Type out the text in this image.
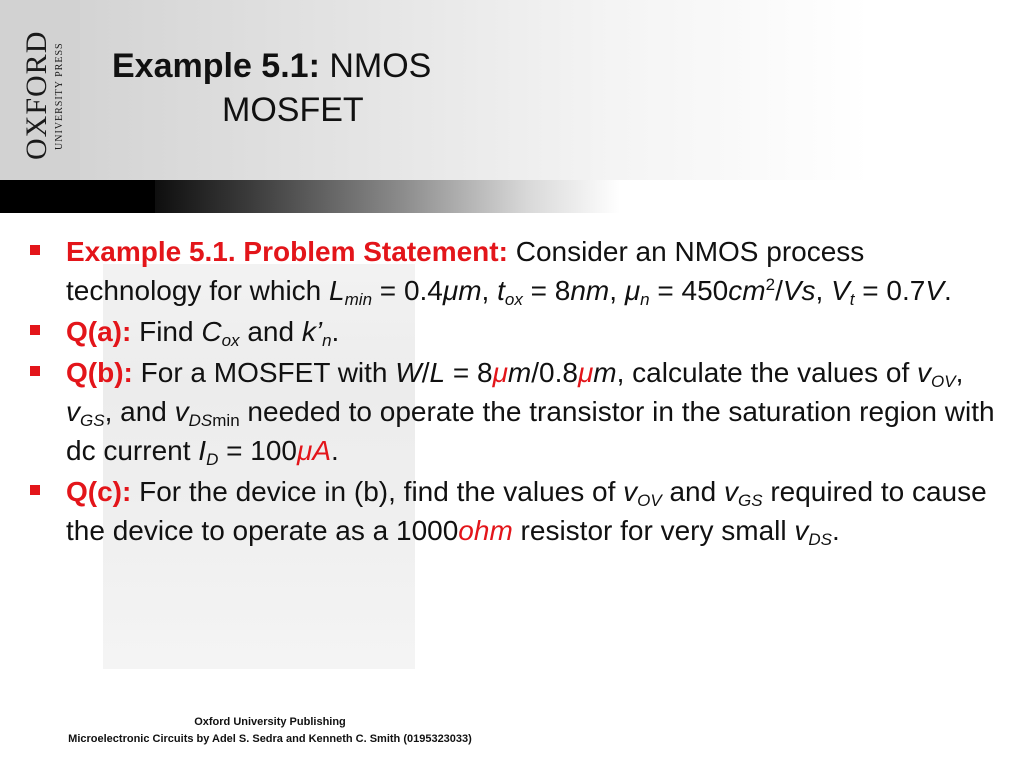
OXFORD UNIVERSITY PRESS Example 5.1: NMOS
MOSFET
Example 5.1. Problem Statement: Consider an NMOS process technology for which $L_{min} = 0.4\mu m$, $t_{ox} = 8nm$, $\mu_n = 450cm^2/Vs$, $V_t = 0.7V$.
Q(a): Find $C_{ox}$ and $k’_n$.
Q(b): For a MOSFET with W/L = 8μm/0.8μm, calculate the values of $v_{OV}$, $v_{GS}$, and $v_{DSmin}$ needed to operate the transistor in the saturation region with dc current $I_D = 100\mu A$.
Q(c): For the device in (b), find the values of $v_{OV}$ and $v_{GS}$ required to cause the device to operate as a 1000ohm resistor for very small $v_{DS}$.
Oxford University Publishing
Microelectronic Circuits by Adel S. Sedra and Kenneth C. Smith (0195323033)
